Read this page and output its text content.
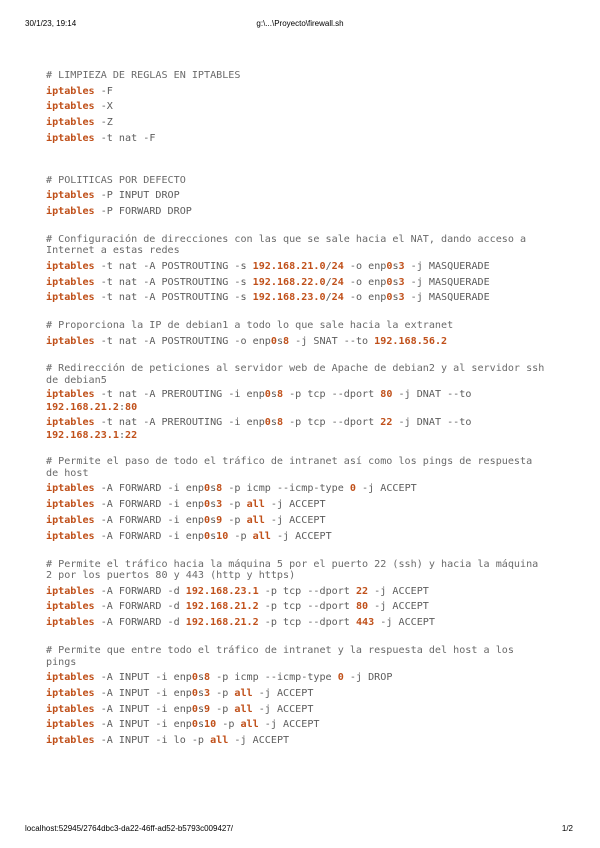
30/1/23, 19:14	g:\...\Proyecto\firewall.sh
# LIMPIEZA DE REGLAS EN IPTABLES
iptables -F
iptables -X
iptables -Z
iptables -t nat -F
# POLITICAS POR DEFECTO
iptables -P INPUT DROP
iptables -P FORWARD DROP
# Configuración de direcciones con las que se sale hacia el NAT, dando acceso a Internet a estas redes
iptables -t nat -A POSTROUTING -s 192.168.21.0/24 -o enp0s3 -j MASQUERADE
iptables -t nat -A POSTROUTING -s 192.168.22.0/24 -o enp0s3 -j MASQUERADE
iptables -t nat -A POSTROUTING -s 192.168.23.0/24 -o enp0s3 -j MASQUERADE
# Proporciona la IP de debian1 a todo lo que sale hacia la extranet
iptables -t nat -A POSTROUTING -o enp0s8 -j SNAT --to 192.168.56.2
# Redirección de peticiones al servidor web de Apache de debian2 y al servidor ssh de debian5
iptables -t nat -A PREROUTING -i enp0s8 -p tcp --dport 80 -j DNAT --to 192.168.21.2:80
iptables -t nat -A PREROUTING -i enp0s8 -p tcp --dport 22 -j DNAT --to 192.168.23.1:22
# Permite el paso de todo el tráfico de intranet así como los pings de respuesta de host
iptables -A FORWARD -i enp0s8 -p icmp --icmp-type 0 -j ACCEPT
iptables -A FORWARD -i enp0s3 -p all -j ACCEPT
iptables -A FORWARD -i enp0s9 -p all -j ACCEPT
iptables -A FORWARD -i enp0s10 -p all -j ACCEPT
# Permite el tráfico hacia la máquina 5 por el puerto 22 (ssh) y hacia la máquina 2 por los puertos 80 y 443 (http y https)
iptables -A FORWARD -d 192.168.23.1 -p tcp --dport 22 -j ACCEPT
iptables -A FORWARD -d 192.168.21.2 -p tcp --dport 80 -j ACCEPT
iptables -A FORWARD -d 192.168.21.2 -p tcp --dport 443 -j ACCEPT
# Permite que entre todo el tráfico de intranet y la respuesta del host a los pings
iptables -A INPUT -i enp0s8 -p icmp --icmp-type 0 -j DROP
iptables -A INPUT -i enp0s3 -p all -j ACCEPT
iptables -A INPUT -i enp0s9 -p all -j ACCEPT
iptables -A INPUT -i enp0s10 -p all -j ACCEPT
iptables -A INPUT -i lo -p all -j ACCEPT
localhost:52945/2764dbc3-da22-46ff-ad52-b5793c009427/	1/2
